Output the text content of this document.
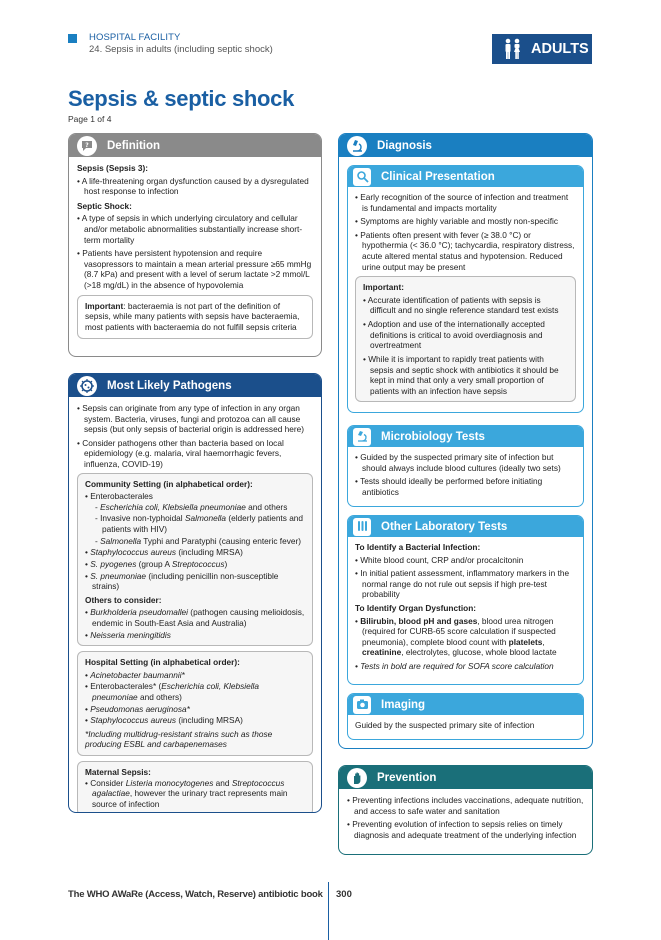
HOSPITAL FACILITY
24. Sepsis in adults (including septic shock)	ADULTS
Sepsis & septic shock
Page 1 of 4
? Definition

Sepsis (Sepsis 3):

• A life-threatening organ dysfunction caused by a dysregulated host response to infection

Septic Shock:

• A type of sepsis in which underlying circulatory and cellular and/or metabolic abnormalities substantially increase short-term mortality
• Patients have persistent hypotension and require vasopressors to maintain a mean arterial pressure ≥65 mmHg (8.7 kPa) and present with a level of serum lactate >2 mmol/L (>18 mg/dL) in the absence of hypovolemia
Important: bacteraemia is not part of the definition of sepsis, while many patients with sepsis have bacteraemia, most patients with bacteraemia do not fulfill sepsis criteria
Most Likely Pathogens
• Sepsis can originate from any type of infection in any organ system. Bacteria, viruses, fungi and protozoa can all cause sepsis (but only sepsis of bacterial origin is addressed here)
• Consider pathogens other than bacteria based on local epidemiology (e.g. malaria, viral haemorrhagic fevers, influenza, COVID-19)

Community Setting (in alphabetical order):

• Enterobacterales
- Escherichia coli, Klebsiella pneumoniae and others
- Invasive non-typhoidal Salmonella (elderly patients and patients with HIV)
- Salmonella Typhi and Paratyphi (causing enteric fever)
• Staphylococcus aureus (including MRSA)
• S. pyogenes (group A Streptococcus)
• S. pneumoniae (including penicillin non-susceptible strains)

Others to consider:

• Burkholderia pseudomallei (pathogen causing melioidosis, endemic in South-East Asia and Australia)
• Neisseria meningitidis

Hospital Setting (in alphabetical order):

• Acinetobacter baumannii*
• Enterobacterales* (Escherichia coli, Klebsiella pneumoniae and others)
• Pseudomonas aeruginosa*
• Staphylococcus aureus (including MRSA)

*Including multidrug-resistant strains such as those producing ESBL and carbapenemases

Maternal Sepsis:

• Consider Listeria monocytogenes and Streptococcus agalactiae, however the urinary tract represents main source of infection
Diagnosis
Clinical Presentation
• Early recognition of the source of infection and treatment is fundamental and impacts mortality
• Symptoms are highly variable and mostly non-specific
• Patients often present with fever (≥ 38.0 °C) or hypothermia (< 36.0 °C); tachycardia, respiratory distress, acute altered mental status and hypotension. Reduced urine output may be present

Important:

• Accurate identification of patients with sepsis is difficult and no single reference standard test exists
• Adoption and use of the internationally accepted definitions is critical to avoid overdiagnosis and overtreatment
• While it is important to rapidly treat patients with sepsis and septic shock with antibiotics it should be kept in mind that only a very small proportion of patients with an infection have sepsis
Microbiology Tests
• Guided by the suspected primary site of infection but should always include blood cultures (ideally two sets)
• Tests should ideally be performed before initiating antibiotics
Other Laboratory Tests

To Identify a Bacterial Infection:

• White blood count, CRP and/or procalcitonin
• In initial patient assessment, inflammatory markers in the normal range do not rule out sepsis if high pre-test probability

To Identify Organ Dysfunction:

• Bilirubin, blood pH and gases, blood urea nitrogen (required for CURB-65 score calculation if suspected pneumonia), complete blood count with platelets, creatinine, electrolytes, glucose, whole blood lactate
• Tests in bold are required for SOFA score calculation
Imaging

Guided by the suspected primary site of infection

Prevention
• Preventing infections includes vaccinations, adequate nutrition, and access to safe water and sanitation
• Preventing evolution of infection to sepsis relies on timely diagnosis and adequate treatment of the underlying infection
The WHO AWaRe (Access, Watch, Reserve) antibiotic book 300
